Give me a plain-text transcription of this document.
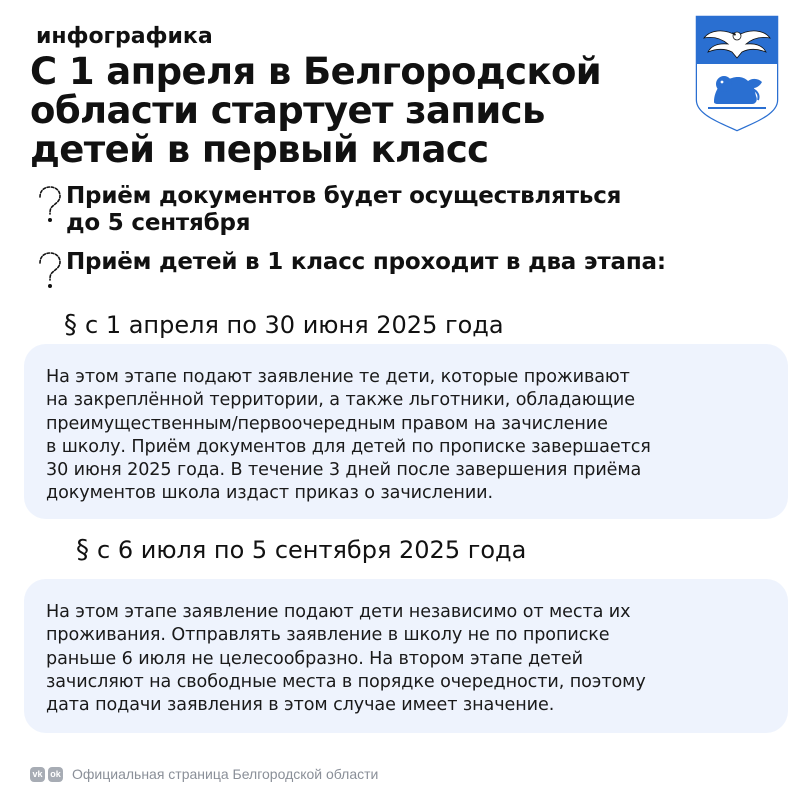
инфографика
С 1 апреля в Белгородской
области стартует запись
детей в первый класс
Приём документов будет осуществляться
до 5 сентября
Приём детей в 1 класс проходит в два этапа:
§ с 1 апреля по 30 июня 2025 года

На этом этапе подают заявление те дети, которые проживают
на закреплённой территории, а также льготники, обладающие
преимущественным/первоочередным правом на зачисление
в школу. Приём документов для детей по прописке завершается
30 июня 2025 года. В течение 3 дней после завершения приёма
документов школа издаст приказ о зачислении.

§ с 6 июля по 5 сентября 2025 года

На этом этапе заявление подают дети независимо от места их
проживания. Отправлять заявление в школу не по прописке
раньше 6 июля не целесообразно. На втором этапе детей
зачисляют на свободные места в порядке очередности, поэтому
дата подачи заявления в этом случае имеет значение.

vk ok Официальная страница Белгородской области
